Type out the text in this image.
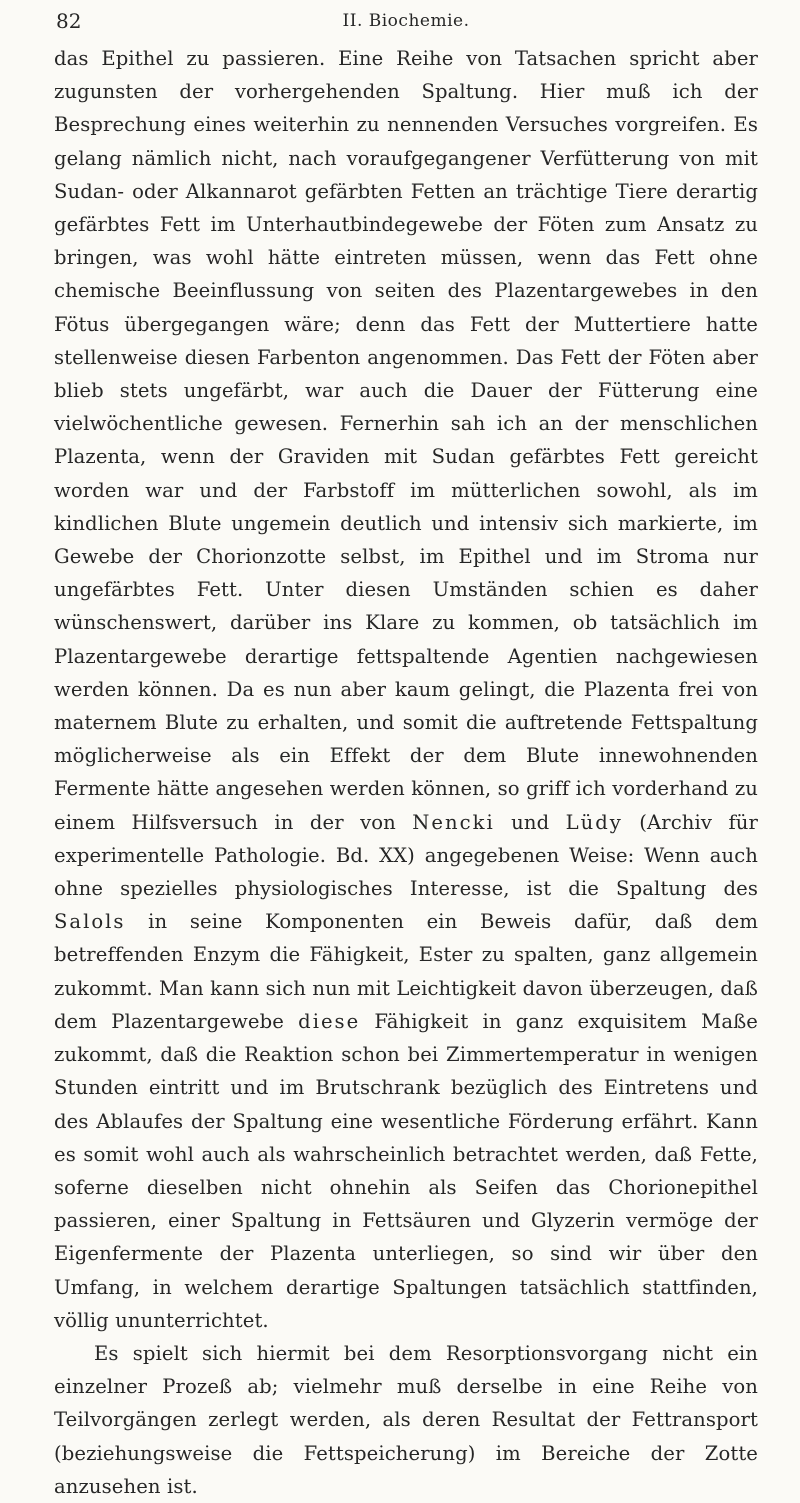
82	II. Biochemie.

das Epithel zu passieren. Eine Reihe von Tatsachen spricht aber zugunsten der vorhergehenden Spaltung. Hier muß ich der Besprechung eines weiterhin zu nennenden Versuches vorgreifen. Es gelang nämlich nicht, nach voraufgegangener Verfütterung von mit Sudan- oder Alkannarot gefärbten Fetten an trächtige Tiere derartig gefärbtes Fett im Unterhautbindegewebe der Föten zum Ansatz zu bringen, was wohl hätte eintreten müssen, wenn das Fett ohne chemische Beeinflussung von seiten des Plazentargewebes in den Fötus übergegangen wäre; denn das Fett der Muttertiere hatte stellenweise diesen Farbenton angenommen. Das Fett der Föten aber blieb stets ungefärbt, war auch die Dauer der Fütterung eine vielwöchentliche gewesen. Fernerhin sah ich an der menschlichen Plazenta, wenn der Graviden mit Sudan gefärbtes Fett gereicht worden war und der Farbstoff im mütterlichen sowohl, als im kindlichen Blute ungemein deutlich und intensiv sich markierte, im Gewebe der Chorionzotte selbst, im Epithel und im Stroma nur ungefärbtes Fett. Unter diesen Umständen schien es daher wünschenswert, darüber ins Klare zu kommen, ob tatsächlich im Plazentargewebe derartige fettspaltende Agentien nachgewiesen werden können. Da es nun aber kaum gelingt, die Plazenta frei von maternem Blute zu erhalten, und somit die auftretende Fettspaltung möglicherweise als ein Effekt der dem Blute innewohnenden Fermente hätte angesehen werden können, so griff ich vorderhand zu einem Hilfsversuch in der von Nencki und Lüdy (Archiv für experimentelle Pathologie. Bd. XX) angegebenen Weise: Wenn auch ohne spezielles physiologisches Interesse, ist die Spaltung des Salols in seine Komponenten ein Beweis dafür, daß dem betreffenden Enzym die Fähigkeit, Ester zu spalten, ganz allgemein zukommt. Man kann sich nun mit Leichtigkeit davon überzeugen, daß dem Plazentargewebe diese Fähigkeit in ganz exquisitem Maße zukommt, daß die Reaktion schon bei Zimmertemperatur in wenigen Stunden eintritt und im Brutschrank bezüglich des Eintretens und des Ablaufes der Spaltung eine wesentliche Förderung erfährt. Kann es somit wohl auch als wahrscheinlich betrachtet werden, daß Fette, soferne dieselben nicht ohnehin als Seifen das Chorionepithel passieren, einer Spaltung in Fettsäuren und Glyzerin vermöge der Eigenfermente der Plazenta unterliegen, so sind wir über den Umfang, in welchem derartige Spaltungen tatsächlich stattfinden, völlig ununterrichtet.

Es spielt sich hiermit bei dem Resorptionsvorgang nicht ein einzelner Prozeß ab; vielmehr muß derselbe in eine Reihe von Teilvorgängen zerlegt werden, als deren Resultat der Fettransport (beziehungsweise die Fettspeicherung) im Bereiche der Zotte anzusehen ist.
